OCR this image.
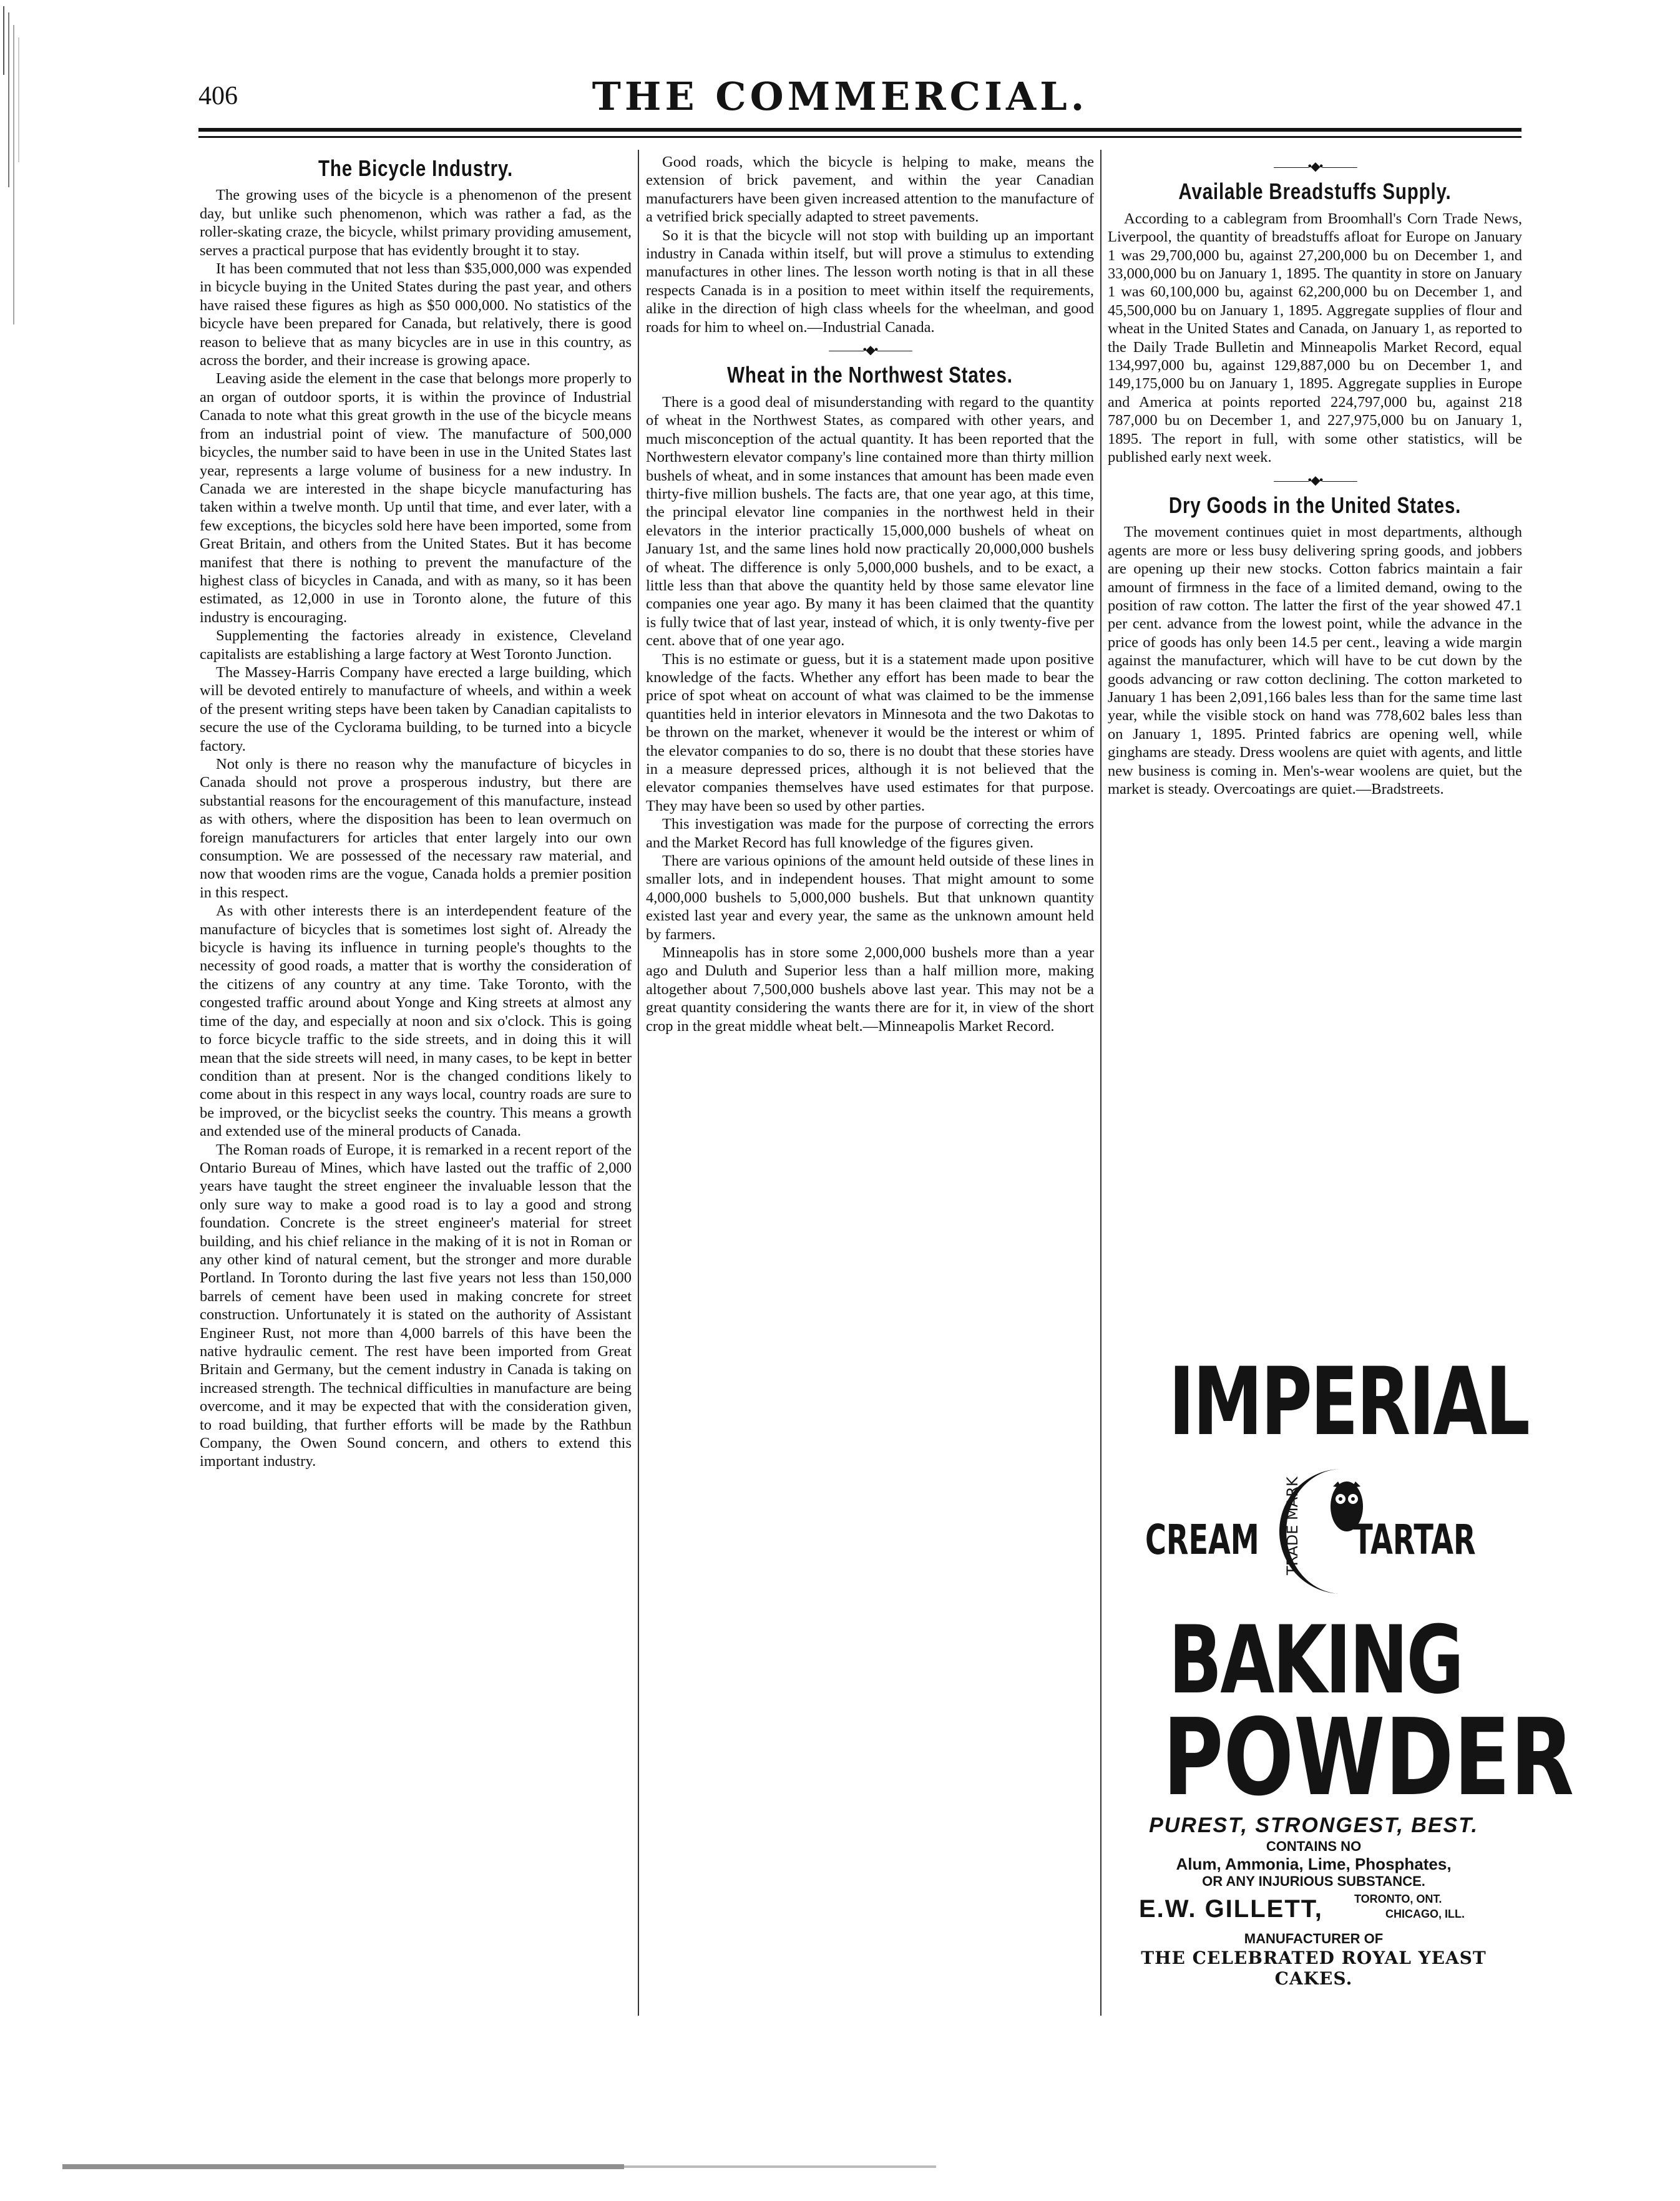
406	THE COMMERCIAL.
The Bicycle Industry.

The growing uses of the bicycle is a phenomenon of the present day, but unlike such phenomenon, which was rather a fad, as the roller-skating craze, the bicycle, whilst primary providing amusement, serves a practical purpose that has evidently brought it to stay.

It has been commuted that not less than $35,000,000 was expended in bicycle buying in the United States during the past year, and others have raised these figures as high as $50 000,000. No statistics of the bicycle have been prepared for Canada, but relatively, there is good reason to believe that as many bicycles are in use in this country, as across the border, and their increase is growing apace.

Leaving aside the element in the case that belongs more properly to an organ of outdoor sports, it is within the province of Industrial Canada to note what this great growth in the use of the bicycle means from an industrial point of view. The manufacture of 500,000 bicycles, the number said to have been in use in the United States last year, represents a large volume of business for a new industry. In Canada we are interested in the shape bicycle manufacturing has taken within a twelve month. Up until that time, and ever later, with a few exceptions, the bicycles sold here have been imported, some from Great Britain, and others from the United States. But it has become manifest that there is nothing to prevent the manufacture of the highest class of bicycles in Canada, and with as many, so it has been estimated, as 12,000 in use in Toronto alone, the future of this industry is encouraging.

Supplementing the factories already in existence, Cleveland capitalists are establishing a large factory at West Toronto Junction.

The Massey-Harris Company have erected a large building, which will be devoted entirely to manufacture of wheels, and within a week of the present writing steps have been taken by Canadian capitalists to secure the use of the Cyclorama building, to be turned into a bicycle factory.

Not only is there no reason why the manufacture of bicycles in Canada should not prove a prosperous industry, but there are substantial reasons for the encouragement of this manufacture, instead as with others, where the disposition has been to lean overmuch on foreign manufacturers for articles that enter largely into our own consumption. We are possessed of the necessary raw material, and now that wooden rims are the vogue, Canada holds a premier position in this respect.

As with other interests there is an interdependent feature of the manufacture of bicycles that is sometimes lost sight of. Already the bicycle is having its influence in turning people's thoughts to the necessity of good roads, a matter that is worthy the consideration of the citizens of any country at any time. Take Toronto, with the congested traffic around about Yonge and King streets at almost any time of the day, and especially at noon and six o'clock. This is going to force bicycle traffic to the side streets, and in doing this it will mean that the side streets will need, in many cases, to be kept in better condition than at present. Nor is the changed conditions likely to come about in this respect in any ways local, country roads are sure to be improved, or the bicyclist seeks the country. This means a growth and extended use of the mineral products of Canada.

The Roman roads of Europe, it is remarked in a recent report of the Ontario Bureau of Mines, which have lasted out the traffic of 2,000 years have taught the street engineer the invaluable lesson that the only sure way to make a good road is to lay a good and strong foundation. Concrete is the street engineer's material for street building, and his chief reliance in the making of it is not in Roman or any other kind of natural cement, but the stronger and more durable Portland. In Toronto during the last five years not less than 150,000 barrels of cement have been used in making concrete for street construction. Unfortunately it is stated on the authority of Assistant Engineer Rust, not more than 4,000 barrels of this have been the native hydraulic cement. The rest have been imported from Great Britain and Germany, but the cement industry in Canada is taking on increased strength. The technical difficulties in manufacture are being overcome, and it may be expected that with the consideration given, to road building, that further efforts will be made by the Rathbun Company, the Owen Sound concern, and others to extend this important industry.

Good roads, which the bicycle is helping to make, means the extension of brick pavement, and within the year Canadian manufacturers have been given increased attention to the manufacture of a vetrified brick specially adapted to street pavements.

So it is that the bicycle will not stop with building up an important industry in Canada within itself, but will prove a stimulus to extending manufactures in other lines. The lesson worth noting is that in all these respects Canada is in a position to meet within itself the requirements, alike in the direction of high class wheels for the wheelman, and good roads for him to wheel on.—Industrial Canada.

———•◆•———
Wheat in the Northwest States.

There is a good deal of misunderstanding with regard to the quantity of wheat in the Northwest States, as compared with other years, and much misconception of the actual quantity. It has been reported that the Northwestern elevator company's line contained more than thirty million bushels of wheat, and in some instances that amount has been made even thirty-five million bushels. The facts are, that one year ago, at this time, the principal elevator line companies in the northwest held in their elevators in the interior practically 15,000,000 bushels of wheat on January 1st, and the same lines hold now practically 20,000,000 bushels of wheat. The difference is only 5,000,000 bushels, and to be exact, a little less than that above the quantity held by those same elevator line companies one year ago. By many it has been claimed that the quantity is fully twice that of last year, instead of which, it is only twenty-five per cent. above that of one year ago.

This is no estimate or guess, but it is a statement made upon positive knowledge of the facts. Whether any effort has been made to bear the price of spot wheat on account of what was claimed to be the immense quantities held in interior elevators in Minnesota and the two Dakotas to be thrown on the market, whenever it would be the interest or whim of the elevator companies to do so, there is no doubt that these stories have in a measure depressed prices, although it is not believed that the elevator companies themselves have used estimates for that purpose. They may have been so used by other parties.

This investigation was made for the purpose of correcting the errors and the Market Record has full knowledge of the figures given.

There are various opinions of the amount held outside of these lines in smaller lots, and in independent houses. That might amount to some 4,000,000 bushels to 5,000,000 bushels. But that unknown quantity existed last year and every year, the same as the unknown amount held by farmers.

Minneapolis has in store some 2,000,000 bushels more than a year ago and Duluth and Superior less than a half million more, making altogether about 7,500,000 bushels above last year. This may not be a great quantity considering the wants there are for it, in view of the short crop in the great middle wheat belt.—Minneapolis Market Record.

———•◆•———
Available Breadstuffs Supply.

According to a cablegram from Broomhall's Corn Trade News, Liverpool, the quantity of breadstuffs afloat for Europe on January 1 was 29,700,000 bu, against 27,200,000 bu on December 1, and 33,000,000 bu on January 1, 1895. The quantity in store on January 1 was 60,100,000 bu, against 62,200,000 bu on December 1, and 45,500,000 bu on January 1, 1895. Aggregate supplies of flour and wheat in the United States and Canada, on January 1, as reported to the Daily Trade Bulletin and Minneapolis Market Record, equal 134,997,000 bu, against 129,887,000 bu on December 1, and 149,175,000 bu on January 1, 1895. Aggregate supplies in Europe and America at points reported 224,797,000 bu, against 218 787,000 bu on December 1, and 227,975,000 bu on January 1, 1895. The report in full, with some other statistics, will be published early next week.

———•◆•———
Dry Goods in the United States.

The movement continues quiet in most departments, although agents are more or less busy delivering spring goods, and jobbers are opening up their new stocks. Cotton fabrics maintain a fair amount of firmness in the face of a limited demand, owing to the position of raw cotton. The latter the first of the year showed 47.1 per cent. advance from the lowest point, while the advance in the price of goods has only been 14.5 per cent., leaving a wide margin against the manufacturer, which will have to be cut down by the goods advancing or raw cotton declining. The cotton marketed to January 1 has been 2,091,166 bales less than for the same time last year, while the visible stock on hand was 778,602 bales less than on January 1, 1895. Printed fabrics are opening well, while ginghams are steady. Dress woolens are quiet with agents, and little new business is coming in. Men's-wear woolens are quiet, but the market is steady. Overcoatings are quiet.—Bradstreets.

IMPERIAL
CREAM TRADE MARK TARTAR
BAKING
POWDER
PUREST, STRONGEST, BEST.
CONTAINS NO
Alum, Ammonia, Lime, Phosphates,
OR ANY INJURIOUS SUBSTANCE.
E.W. GILLETT,	TORONTO, ONT.
CHICAGO, ILL.
MANUFACTURER OF
THE CELEBRATED ROYAL YEAST CAKES.
